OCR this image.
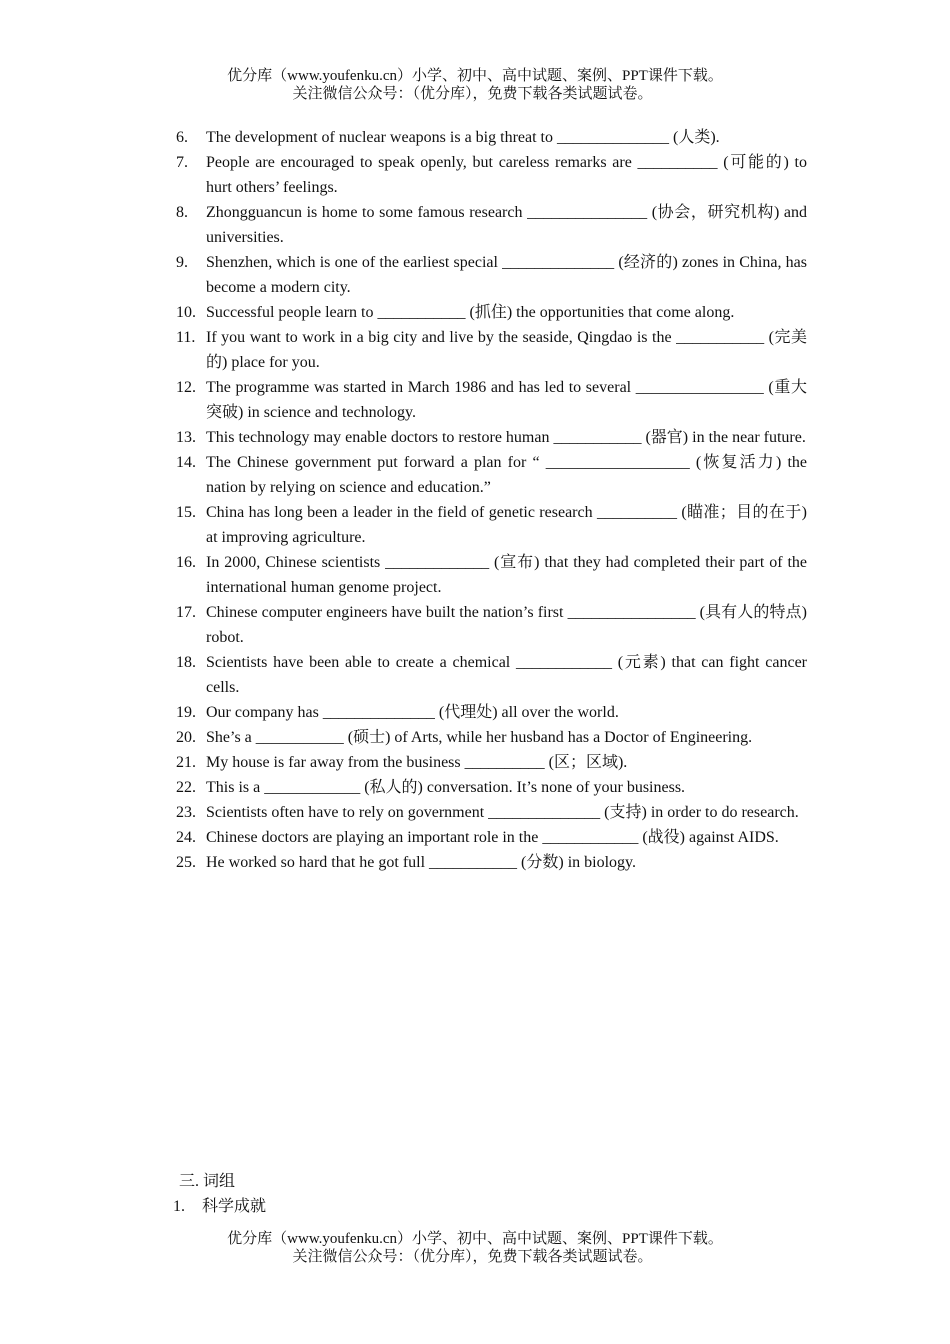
优分库（www.youfenku.cn）小学、初中、高中试题、案例、PPT课件下载。
关注微信公众号：（优分库），免费下载各类试题试卷。
6.	The development of nuclear weapons is a big threat to ______________ (人类).
7.	People are encouraged to speak openly, but careless remarks are __________ (可能的) to hurt others’ feelings.
8.	Zhongguancun is home to some famous research _______________ (协会，研究机构) and universities.
9.	Shenzhen, which is one of the earliest special ______________ (经济的) zones in China, has become a modern city.
10. Successful people learn to ___________ (抓住) the opportunities that come along.
11. If you want to work in a big city and live by the seaside, Qingdao is the ___________ (完美的) place for you.
12. The programme was started in March 1986 and has led to several ________________ (重大突破) in science and technology.
13. This technology may enable doctors to restore human ___________ (器官) in the near future.
14. The Chinese government put forward a plan for “ __________________ (恢复活力) the nation by relying on science and education.”
15. China has long been a leader in the field of genetic research __________ (瞄准；目的在于) at improving agriculture.
16. In 2000, Chinese scientists _____________ (宣布) that they had completed their part of the international human genome project.
17. Chinese computer engineers have built the nation’s first ________________ (具有人的特点) robot.
18. Scientists have been able to create a chemical ____________ (元素) that can fight cancer cells.
19. Our company has ______________ (代理处) all over the world.
20. She’s a ___________ (硕士) of Arts, while her husband has a Doctor of Engineering.
21. My house is far away from the business __________ (区；区域).
22. This is a ____________ (私人的) conversation. It’s none of your business.
23. Scientists often have to rely on government ______________ (支持) in order to do research.
24. Chinese doctors are playing an important role in the ____________ (战役) against AIDS.
25. He worked so hard that he got full ___________ (分数) in biology.
三. 词组
1.	科学成就
优分库（www.youfenku.cn）小学、初中、高中试题、案例、PPT课件下载。
关注微信公众号：（优分库），免费下载各类试题试卷。
